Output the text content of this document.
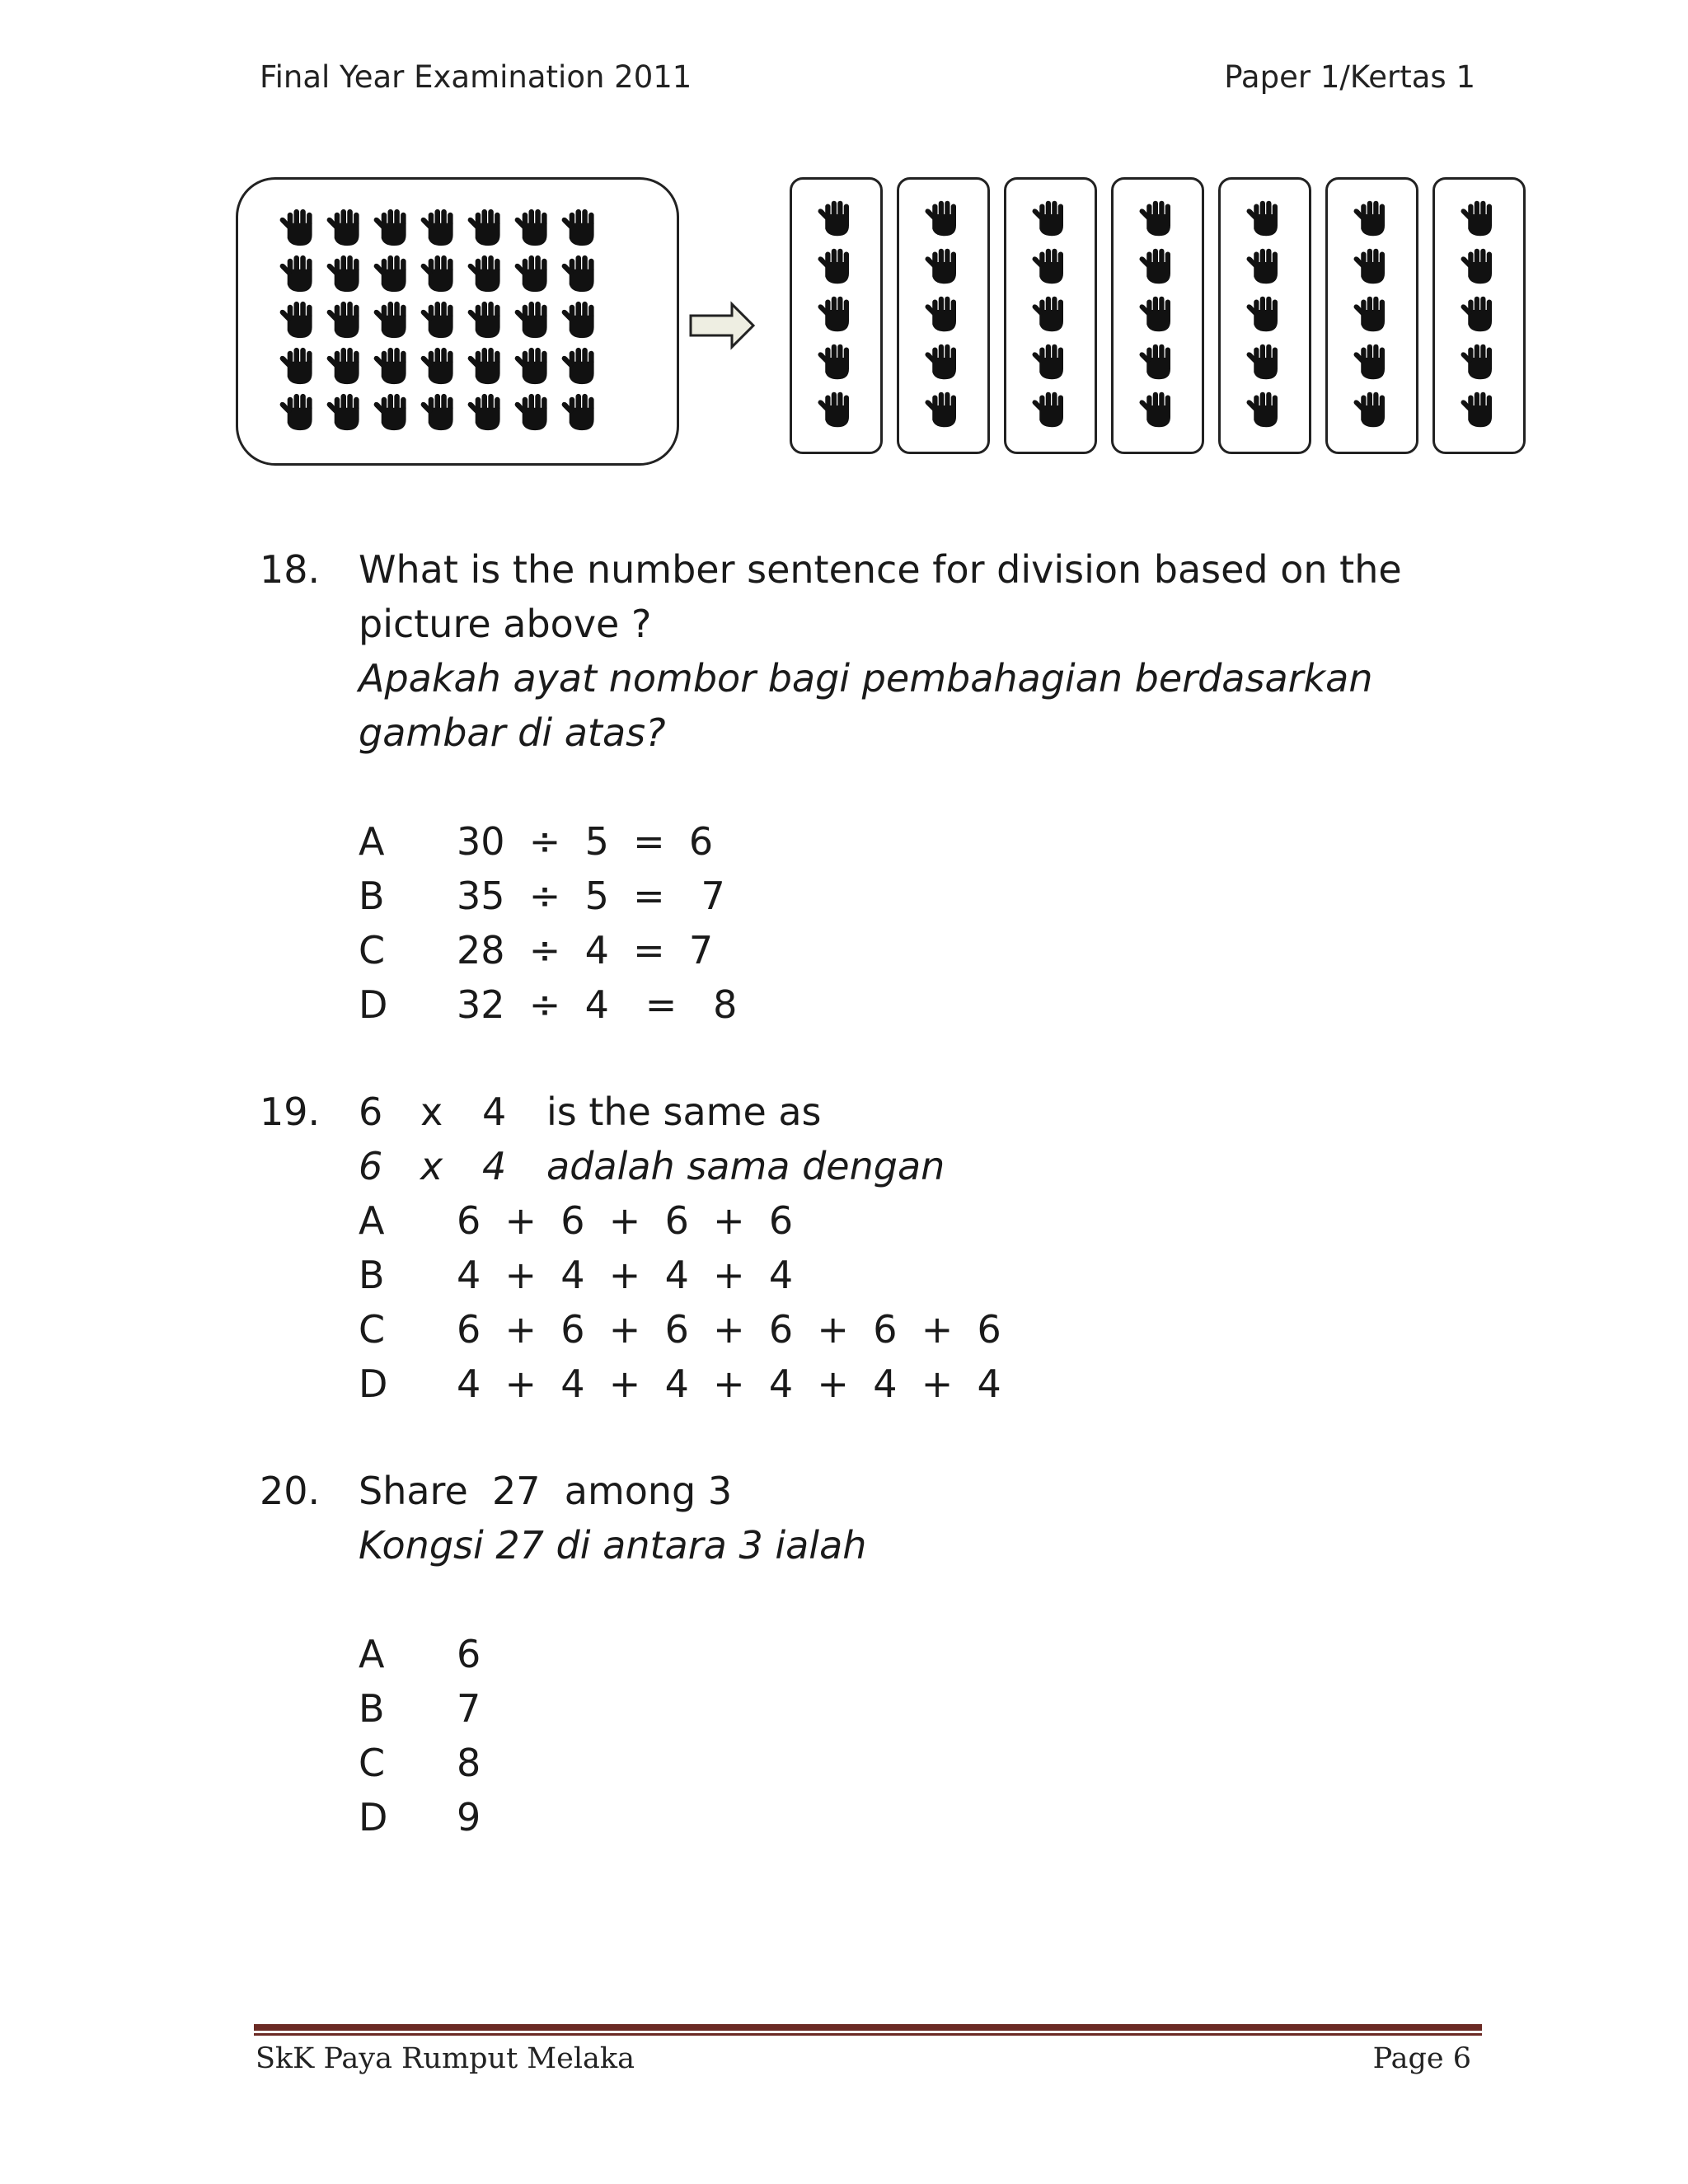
Final Year Examination 2011	Paper 1/Kertas 1
18. What is the number sentence for division based on the
picture above ?
Apakah ayat nombor bagi pembahagian berdasarkan
gambar di atas?
A 30  ÷  5  =  6
B 35  ÷  5  =   7
C 28  ÷  4  =  7
D 32  ÷  4   =   8
19. 6 x 4 is the same as
6 x 4 adalah sama dengan
A 6  +  6  +  6  +  6
B 4  +  4  +  4  +  4
C 6  +  6  +  6  +  6  +  6  +  6
D 4  +  4  +  4  +  4  +  4  +  4
20. Share  27  among 3
Kongsi 27 di antara 3 ialah
A 6
B 7
C 8
D 9
SkK Paya Rumput Melaka	Page 6
